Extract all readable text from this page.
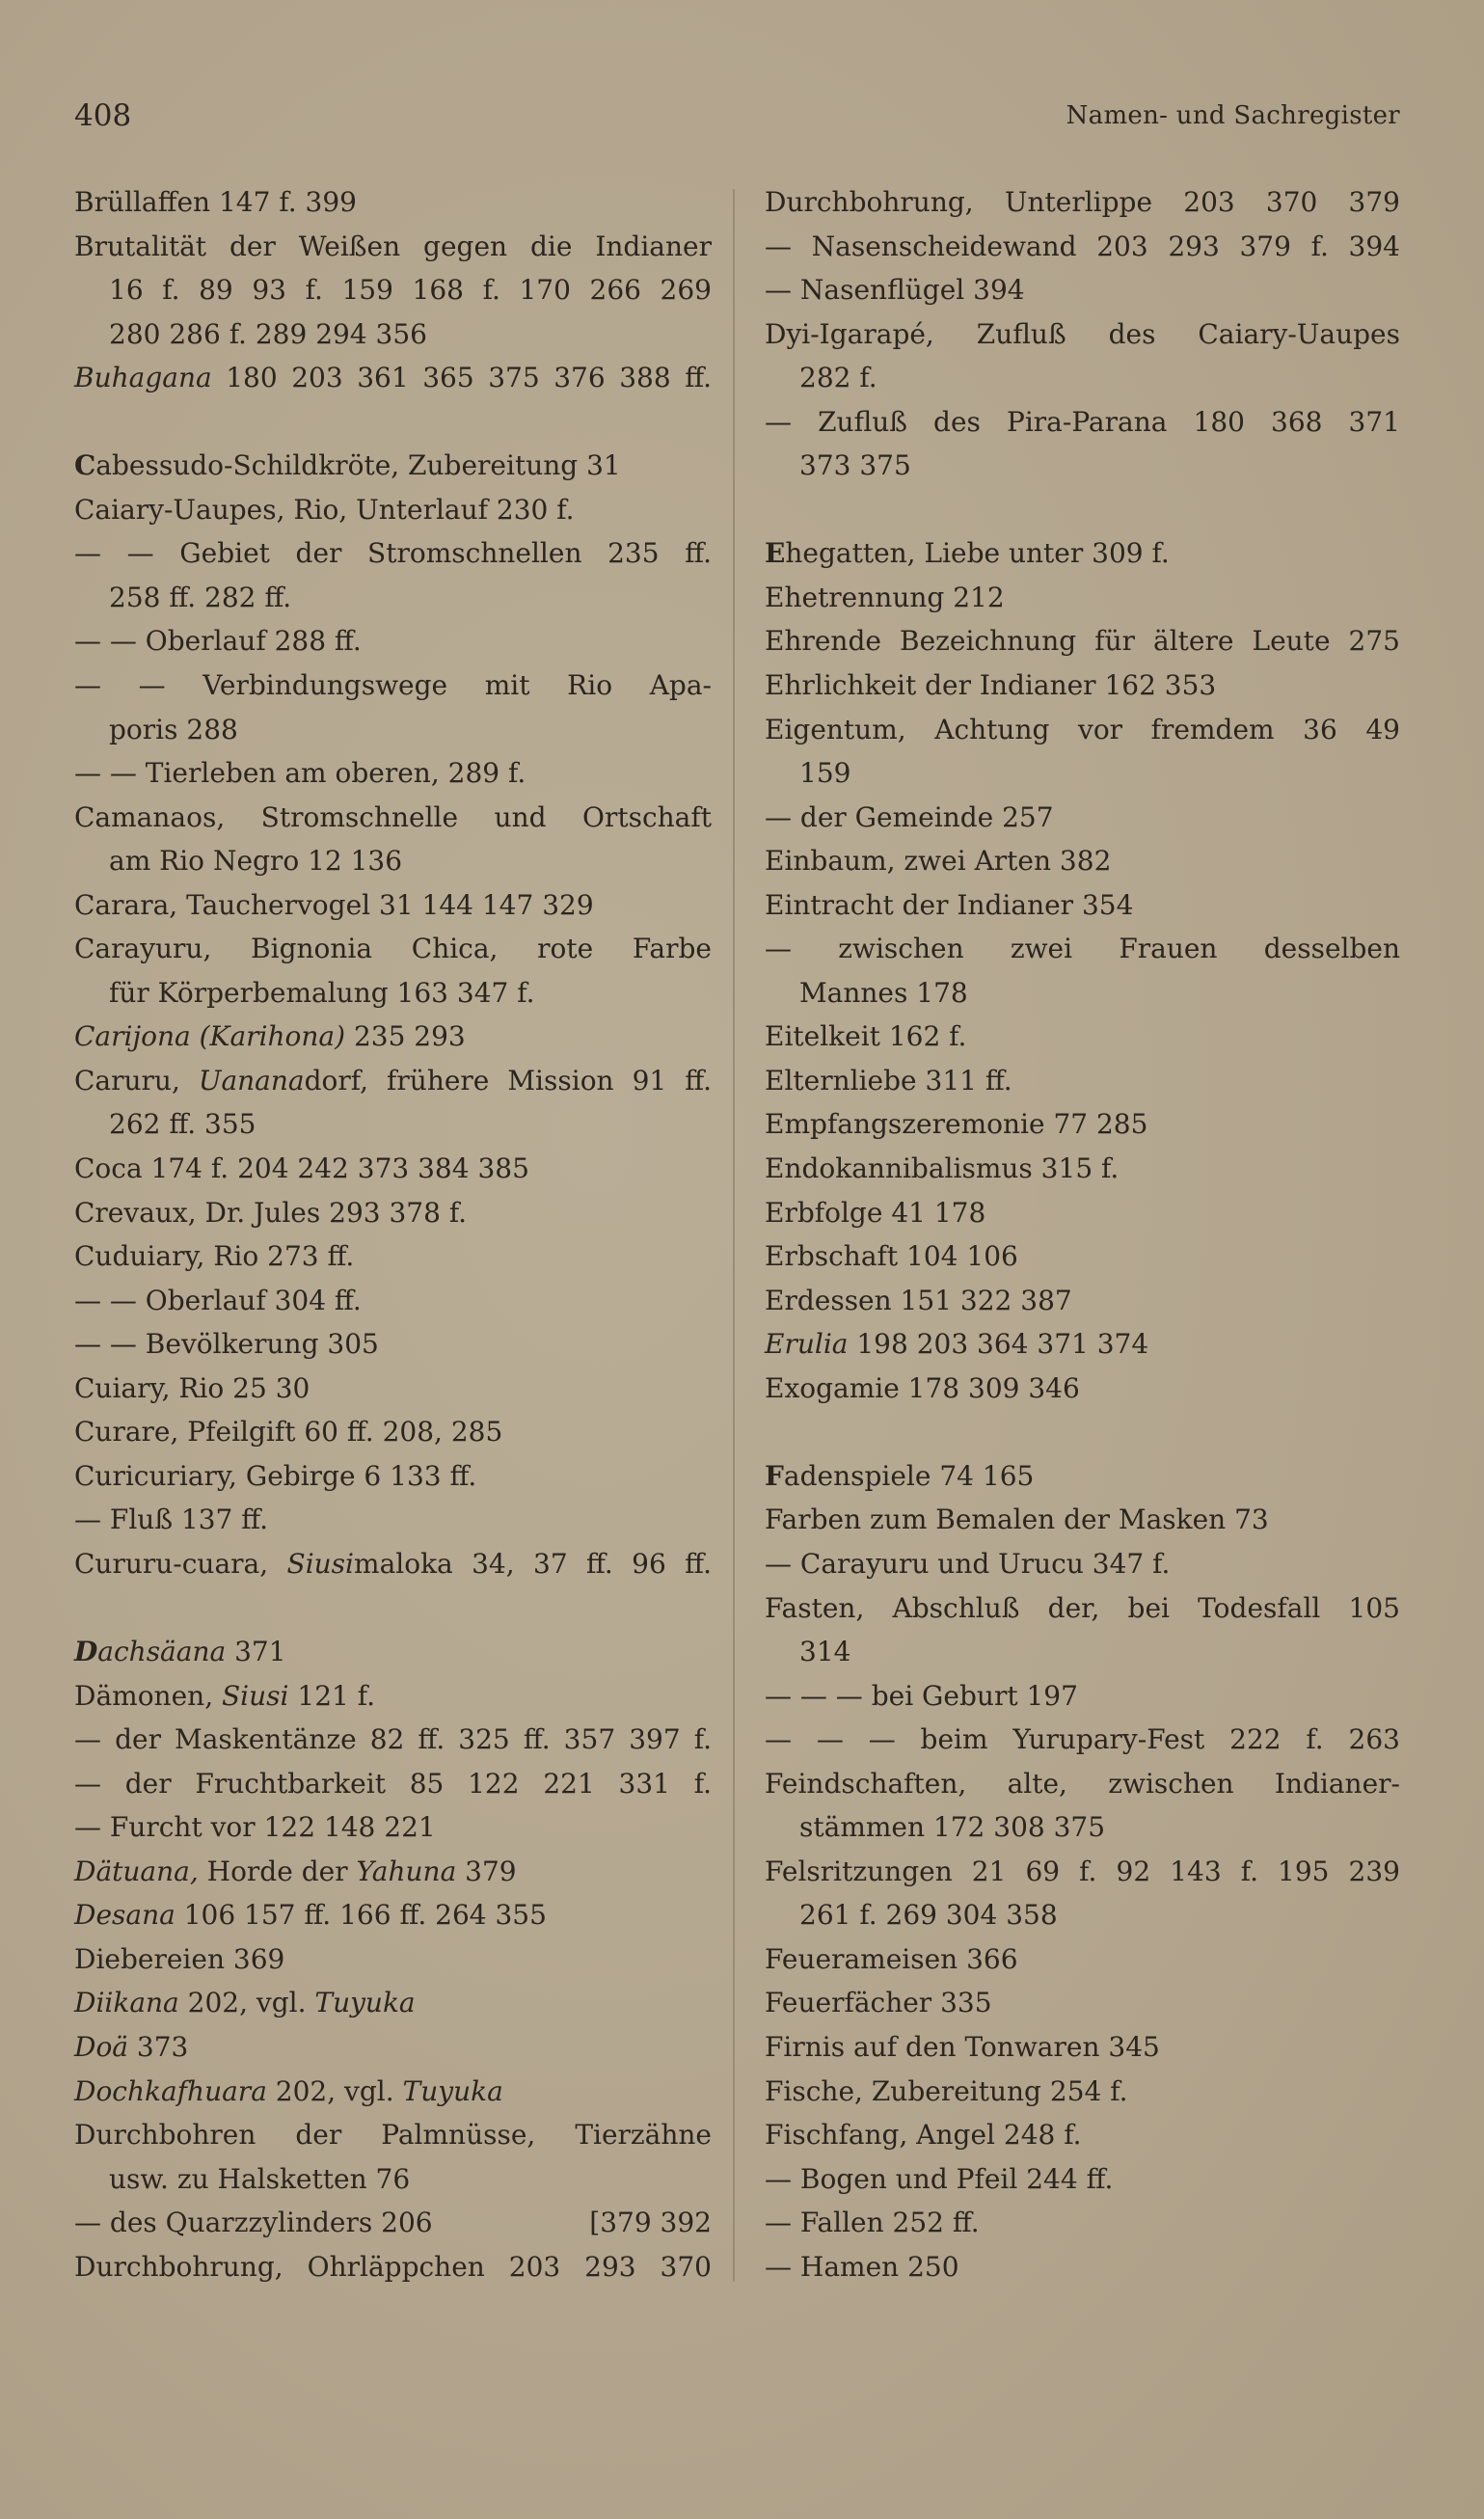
408	Namen- und Sachregister
Brüllaffen 147 f. 399
Brutalität der Weißen gegen die Indianer
16 f. 89 93 f. 159 168 f. 170 266 269
280 286 f. 289 294 356
Buhagana 180 203 361 365 375 376 388 ff.
Cabessudo-Schildkröte, Zubereitung 31
Caiary-Uaupes, Rio, Unterlauf 230 f.
— — Gebiet der Stromschnellen 235 ff.
258 ff. 282 ff.
— — Oberlauf 288 ff.
— — Verbindungswege mit Rio Apa-
poris 288
— — Tierleben am oberen, 289 f.
Camanaos, Stromschnelle und Ortschaft
am Rio Negro 12 136
Carara, Tauchervogel 31 144 147 329
Carayuru, Bignonia Chica, rote Farbe
für Körperbemalung 163 347 f.
Carijona (Karihona) 235 293
Caruru, Uananadorf, frühere Mission 91 ff.
262 ff. 355
Coca 174 f. 204 242 373 384 385
Crevaux, Dr. Jules 293 378 f.
Cuduiary, Rio 273 ff.
— — Oberlauf 304 ff.
— — Bevölkerung 305
Cuiary, Rio 25 30
Curare, Pfeilgift 60 ff. 208, 285
Curicuriary, Gebirge 6 133 ff.
— Fluß 137 ff.
Cururu-cuara, Siusimaloka 34, 37 ff. 96 ff.
Dachsäana 371
Dämonen, Siusi 121 f.
— der Maskentänze 82 ff. 325 ff. 357 397 f.
— der Fruchtbarkeit 85 122 221 331 f.
— Furcht vor 122 148 221
Dätuana, Horde der Yahuna 379
Desana 106 157 ff. 166 ff. 264 355
Diebereien 369
Diikana 202, vgl. Tuyuka
Doä 373
Dochkafhuara 202, vgl. Tuyuka
Durchbohren der Palmnüsse, Tierzähne
usw. zu Halsketten 76
— des Quarzzylinders 206	[379 392
Durchbohrung, Ohrläppchen 203 293 370
Durchbohrung, Unterlippe 203 370 379
— Nasenscheidewand 203 293 379 f. 394
— Nasenflügel 394
Dyi-Igarapé, Zufluß des Caiary-Uaupes
282 f.
— Zufluß des Pira-Parana 180 368 371
373 375
Ehegatten, Liebe unter 309 f.
Ehetrennung 212
Ehrende Bezeichnung für ältere Leute 275
Ehrlichkeit der Indianer 162 353
Eigentum, Achtung vor fremdem 36 49
159
— der Gemeinde 257
Einbaum, zwei Arten 382
Eintracht der Indianer 354
— zwischen zwei Frauen desselben
Mannes 178
Eitelkeit 162 f.
Elternliebe 311 ff.
Empfangszeremonie 77 285
Endokannibalismus 315 f.
Erbfolge 41 178
Erbschaft 104 106
Erdessen 151 322 387
Erulia 198 203 364 371 374
Exogamie 178 309 346
Fadenspiele 74 165
Farben zum Bemalen der Masken 73
— Carayuru und Urucu 347 f.
Fasten, Abschluß der, bei Todesfall 105
314
— — — bei Geburt 197
— — — beim Yurupary-Fest 222 f. 263
Feindschaften, alte, zwischen Indianer-
stämmen 172 308 375
Felsritzungen 21 69 f. 92 143 f. 195 239
261 f. 269 304 358
Feuerameisen 366
Feuerfächer 335
Firnis auf den Tonwaren 345
Fische, Zubereitung 254 f.
Fischfang, Angel 248 f.
— Bogen und Pfeil 244 ff.
— Fallen 252 ff.
— Hamen 250
